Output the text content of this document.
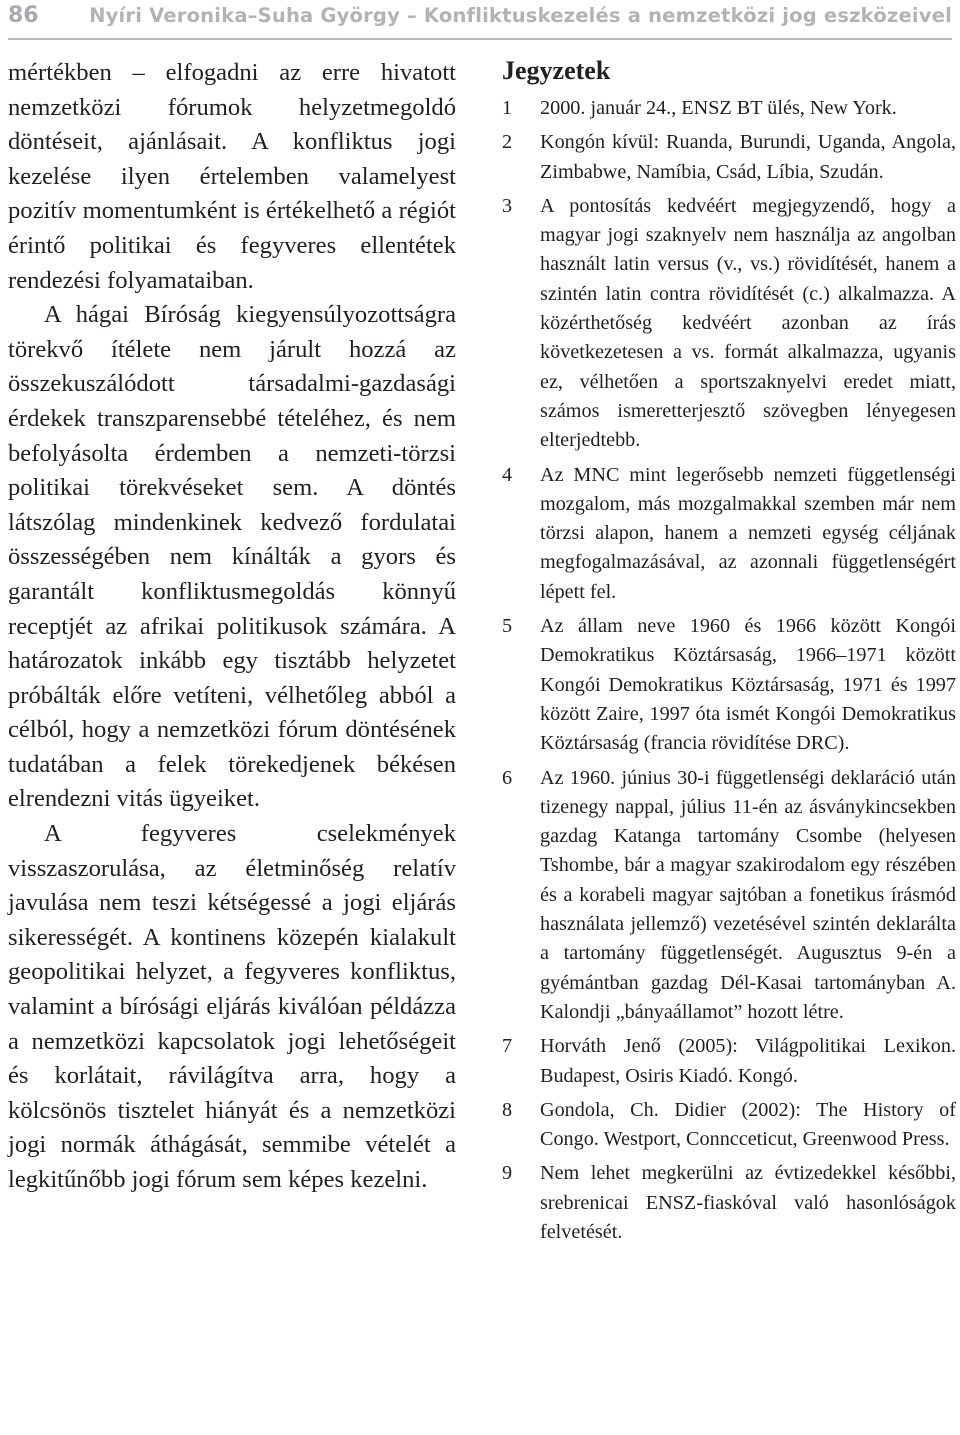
86	Nyíri Veronika–Suha György – Konfliktuskezelés a nemzetközi jog eszközeivel

mértékben – elfogadni az erre hivatott nemzetközi fórumok helyzetmegoldó döntéseit, ajánlásait. A konfliktus jogi kezelése ilyen értelemben valamelyest pozitív momentumként is értékelhető a régiót érintő politikai és fegyveres ellentétek rendezési folyamataiban.

A hágai Bíróság kiegyensúlyozottságra törekvő ítélete nem járult hozzá az összekuszálódott társadalmi-gazdasági érdekek transzparensebbé tételéhez, és nem befolyásolta érdemben a nemzeti-törzsi politikai törekvéseket sem. A döntés látszólag mindenkinek kedvező fordulatai összességében nem kínálták a gyors és garantált konfliktusmegoldás könnyű receptjét az afrikai politikusok számára. A határozatok inkább egy tisztább helyzetet próbálták előre vetíteni, vélhetőleg abból a célból, hogy a nemzetközi fórum döntésének tudatában a felek törekedjenek békésen elrendezni vitás ügyeiket.

A fegyveres cselekmények visszaszorulása, az életminőség relatív javulása nem teszi kétségessé a jogi eljárás sikerességét. A kontinens közepén kialakult geopolitikai helyzet, a fegyveres konfliktus, valamint a bírósági eljárás kiválóan példázza a nemzetközi kapcsolatok jogi lehetőségeit és korlátait, rávilágítva arra, hogy a kölcsönös tisztelet hiányát és a nemzetközi jogi normák áthágását, semmibe vételét a legkitűnőbb jogi fórum sem képes kezelni.

Jegyzetek
1 2000. január 24., ENSZ BT ülés, New York.
2 Kongón kívül: Ruanda, Burundi, Uganda, Angola, Zimbabwe, Namíbia, Csád, Líbia, Szudán.
3 A pontosítás kedvéért megjegyzendő, hogy a magyar jogi szaknyelv nem használja az angolban használt latin versus (v., vs.) rövidítését, hanem a szintén latin contra rövidítését (c.) alkalmazza. A közérthetőség kedvéért azonban az írás következetesen a vs. formát alkalmazza, ugyanis ez, vélhetően a sportszaknyelvi eredet miatt, számos ismeretterjesztő szövegben lényegesen elterjedtebb.
4 Az MNC mint legerősebb nemzeti függetlenségi mozgalom, más mozgalmakkal szemben már nem törzsi alapon, hanem a nemzeti egység céljának megfogalmazásával, az azonnali függetlenségért lépett fel.
5 Az állam neve 1960 és 1966 között Kongói Demokratikus Köztársaság, 1966–1971 között Kongói Demokratikus Köztársaság, 1971 és 1997 között Zaire, 1997 óta ismét Kongói Demokratikus Köztársaság (francia rövidítése DRC).
6 Az 1960. június 30-i függetlenségi deklaráció után tizenegy nappal, július 11-én az ásványkincsekben gazdag Katanga tartomány Csombe (helyesen Tshombe, bár a magyar szakirodalom egy részében és a korabeli magyar sajtóban a fonetikus írásmód használata jellemző) vezetésével szintén deklarálta a tartomány függetlenségét. Augusztus 9-én a gyémántban gazdag Dél-Kasai tartományban A. Kalondji „bányaállamot” hozott létre.
7 Horváth Jenő (2005): Világpolitikai Lexikon. Budapest, Osiris Kiadó. Kongó.
8 Gondola, Ch. Didier (2002): The History of Congo. Westport, Conncceticut, Greenwood Press.
9 Nem lehet megkerülni az évtizedekkel későbbi, srebrenicai ENSZ-fiaskóval való hasonlóságok felvetését.
